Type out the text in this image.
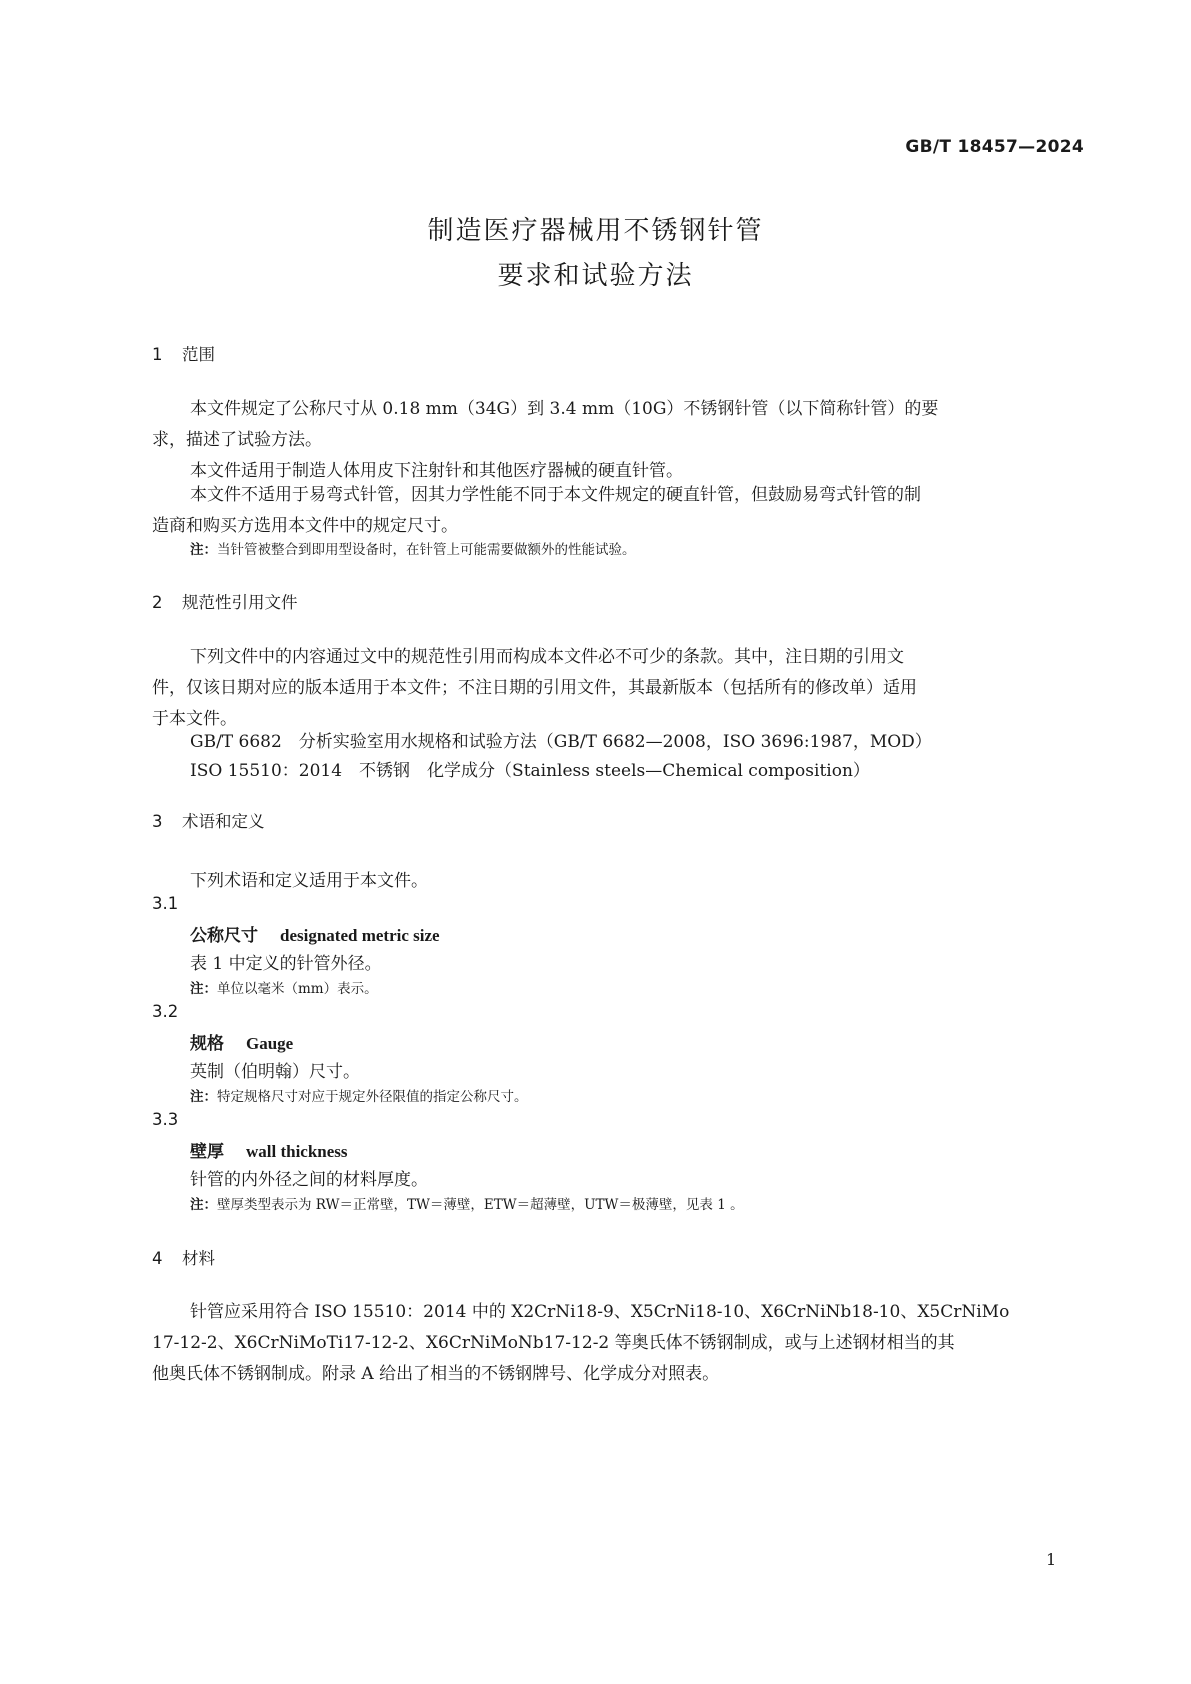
GB/T 18457—2024
制造医疗器械用不锈钢针管
要求和试验方法
1 范围
本文件规定了公称尺寸从 0.18 mm（34G）到 3.4 mm（10G）不锈钢针管（以下简称针管）的要
求，描述了试验方法。
本文件适用于制造人体用皮下注射针和其他医疗器械的硬直针管。
本文件不适用于易弯式针管，因其力学性能不同于本文件规定的硬直针管，但鼓励易弯式针管的制
造商和购买方选用本文件中的规定尺寸。
注：当针管被整合到即用型设备时，在针管上可能需要做额外的性能试验。
2 规范性引用文件
下列文件中的内容通过文中的规范性引用而构成本文件必不可少的条款。其中，注日期的引用文
件，仅该日期对应的版本适用于本文件；不注日期的引用文件，其最新版本（包括所有的修改单）适用
于本文件。
GB/T 6682　分析实验室用水规格和试验方法（GB/T 6682—2008，ISO 3696:1987，MOD）
ISO 15510：2014　不锈钢　化学成分（Stainless steels—Chemical composition）
3 术语和定义
下列术语和定义适用于本文件。
3.1
公称尺寸 designated metric size
表 1 中定义的针管外径。
注：单位以毫米（mm）表示。
3.2
规格 Gauge
英制（伯明翰）尺寸。
注：特定规格尺寸对应于规定外径限值的指定公称尺寸。
3.3
壁厚 wall thickness
针管的内外径之间的材料厚度。
注：壁厚类型表示为 RW＝正常壁，TW＝薄壁，ETW＝超薄壁，UTW＝极薄壁，见表 1 。
4 材料
针管应采用符合 ISO 15510：2014 中的 X2CrNi18-9、X5CrNi18-10、X6CrNiNb18-10、X5CrNiMo
17-12-2、X6CrNiMoTi17-12-2、X6CrNiMoNb17-12-2 等奥氏体不锈钢制成，或与上述钢材相当的其
他奥氏体不锈钢制成。附录 A 给出了相当的不锈钢牌号、化学成分对照表。
1
